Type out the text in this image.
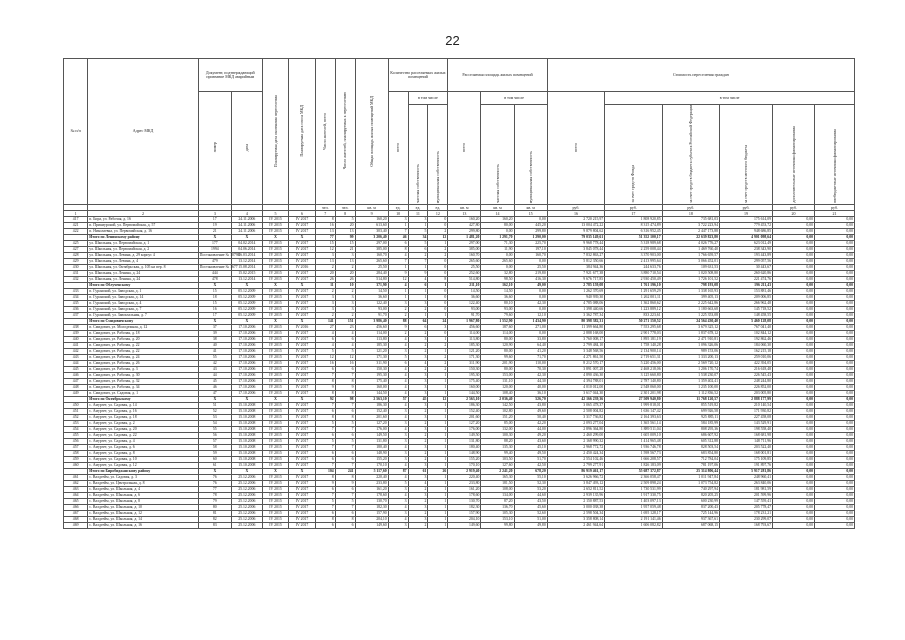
22
№ п/п	Адрес МКД	Документ, подтверждающий признание МКД аварийным		Планируемая дата окончания переселения	Планируемая дата сноса МКД	Число жителей, всего	Число жителей, планируемых к переселению	Общая площадь жилых помещений МКД	Количество расселяемых жилых помещений			Расселяемая площадь жилых помещений			Стоимость переселения граждан					
		номер	дата						всего	в том числе		всего	в том числе		всего	в том числе				
										частная собственность	муниципальная собственность		частная собственность	муниципальная собственность		за счет средств Фонда	за счет средств бюджета субъекта Российской Федерации	за счет средств местного бюджета	дополнительные источники финансирования	внебюджетные источники финансирования
						чел.	чел.	кв. м	ед.	ед.	ед.	кв. м	кв. м	кв. м	руб.	руб.	руб.	руб.	руб.	руб.
1	2	3	4	5	6	7	8	9	10	11	12	13	14	15	16	17	18	19	20	21
417	п. Бира, ул. Рабочая, д. 16	17	24.11.2006	IV 2015	IV 2017	8	5	160,20	3	3	0	160,20	160,20	0,00	2 720 215,97	1 808 920,85	735 681,03	175 614,09	0,00	0,00
421	п. Приамурский, ул. Первомайская, д. 57	19	24.11.2006	IV 2015	IV 2017	16	20	613,60	1	1	0	427,80	80,00	445,20	13 004 472,22	8 315 474,89	3 722 223,94	779 453,72	0,00	0,00
422	п. Николаевка, ул. Первомайская, д. 16	21	24.11.2006	IV 2015	IV 2017	13	13	303,40	7	5	2	299,80	0,00	299,80	9 879 804,62	6 316 952,45	2 447 173,88	948 686,85	0,00	0,00
	Итого по Ленинскому району	X	X	X	X	77	99	3 206,40	46	34	12	1 481,20	1 291,70	1 290,00	79 035 149,61	51 352 100,17	22 639 823,80	4 901 098,64	0,00	0,00
425	ул. Школьная, ул. Первомайская, д. 1	177	04.02.2014	IV 2015	IV 2017	15	15	297,00	6	5	1	297,00	71,30	225,70	9 968 778,44	5 318 989,68	4 026 776,27	623 012,49	0,00	0,00
427	ул. Школьная, ул. Первомайская, д. 2	1994	04.06.2014	IV 2015	IV 2017	12	21	385,00	8	6	2	385,00	11,90	197,10	3 845 078,44	2 259 008,44	1 469 760,40	238 343,90	0,00	0,00
428	ул. Школьная, ул. Левина, д. 29 корпус 4	Постановление № 10798	26.03.2014	IV 2015	IV 2017	3	3	160,70	4	2	2	160,70	0,00	160,70	7 832 863,27	3 370 903,00	1 766 659,57	193 443,89	0,00	0,00
429	ул. Школьная, ул. Левина, д. 4	479	13.12.2014	IV 2015	IV 2017	13	13	265,60	7	7	0	265,60	265,60	0,00	5 812 350,66	2 413 995,64	3 066 452,01	299 057,56	0,00	0,00
430	ул. Школьная, ул. Октябрьская, д. 105 на пер. 8	Постановление № 1677	15.08.2014	IV 2015	IV 2016	2	2	25,50	1	1	0	25,50	0,00	25,50	384 944,36	244 633,76	109 631,53	30 443,67	0,00	0,00
431	ул. Школьная, ул. Ленина, д. 24	444	15.02.2015	IV 2015	IV 2017	20	20	284,40	9	9	0	252,60	32,80	219,80	7 921 677,38	3 880 710,54	1 020 508,80	260 620,86	0,00	0,00
432	ул. Школьная, ул. Ленина, д. 24	478	13.12.2014	IV 2015	IV 2017	26	26	514,80	12	4	8	514,80	98,50	416,30	9 676 717,85	2 930 450,49	1 726 101,52	221 474,76	0,00	0,00
	Итого по Облученскому	X	X	X	X	11	10	371,90	4	6	1	211,10	162,10	49,00	2 785 159,08	1 761 196,10	798 193,08	196 211,43	0,00	0,00
433	п. Гуранский, ул. Заводская, д. 1	15	05.12.2009	IV 2015	IV 2017	2	2	14,50	1	1	0	14,50	14,50	0,00	1 262 370,69	1 291 659,29	1 338 165,93	153 881,46	0,00	0,00
434	п. Гуранский, ул. Заводская, д. 14	18	05.12.2009	IV 2015	IV 2017	3	3	36,60	1	1	0	36,60	36,60	0,00	940 939,30	1 262 001,11	399 405,13	209 006,85	0,00	0,00
435	п. Гуранский, ул. Заводская, д. 4	15	05.12.2009	IV 2015	IV 2017	3	3	122,40	3	3	0	122,40	80,10	42,30	4 785 088,06	1 362 860,62	2 225 642,86	266 962,48	0,00	0,00
436	п. Гуранский, ул. Заводская, д. 7	16	05.12.2009	IV 2015	IV 2017	3	3	93,00	2	2	0	93,00	93,00	0,00	1 398 440,66	1 223 889,12	1 180 663,68	145 718,52	0,00	0,00
437	п. Гуранский, ул. Завокзальная, д. 7	17	05.12.2009	IV 2015	IV 2017	2	2	91,70	2	1	1	91,70	79,60	12,10	3 362 787,34	833 223,61	1 225 353,08	148 458,55	0,00	0,00
	Итого по Смидовичскому	X	X	X	X	141	151	3 986,40	88	64	24	1 967,80	1 552,90	1 434,90	80 398 382,31	50 271 150,52	24 564 430,40	5 460 128,08	0,00	0,00
438	п. Смидович, ул. Молодежная, д. 12	37	17.10.2006	IV 2015	IV 2016	27	23	456,60	9	6	3	456,60	187,60	271,00	11 399 664,80	7 553 295,68	3 679 325,12	767 041,40	0,00	0,00
439	п. Смидович, ул. Рабочая, д. 18	39	17.10.2006	IV 2015	IV 2017	4	4	114,00	2	2	0	114,00	114,00	0,00	2 888 168,00	2 901 778,03	1 837 678,12	102 844,12	0,00	0,00
440	п. Смидович, ул. Рабочая, д. 20	38	17.10.2006	IV 2015	IV 2017	6	6	113,80	4	3	1	113,80	80,00	33,80	3 760 008,17	1 895 181,19	2 471 910,81	192 862,46	0,00	0,00
441	п. Смидович, ул. Рабочая, д. 22	40	17.10.2006	IV 2015	IV 2017	4	4	185,30	4	2	2	185,30	120,90	64,40	2 799 484,10	1 758 140,28	1 096 326,06	184 060,30	0,00	0,00
442	п. Смидович, ул. Рабочая, д. 22	41	17.10.2006	IV 2015	IV 2017	5	5	121,20	3	2	1	121,20	80,00	41,20	3 348 568,56	2 134 900,14	989 153,06	162 215,18	0,00	0,00
443	п. Смидович, ул. Рабочая, д. 24	55	17.10.2006	IV 2015	IV 2017	12	12	171,30	5	3	2	171,30	99,60	71,70	4 271 861,50	2 719 651,31	1 333 200,13	259 010,06	0,00	0,00
444	п. Смидович, ул. Рабочая, д. 26	42	17.10.2006	IV 2015	IV 2017	16	16	311,90	6	4	2	311,90	201,90	110,00	8 212 570,17	5 220 456,00	2 569 720,12	422 394,05	0,00	0,00
445	п. Смидович, ул. Рабочая, д. 3	43	17.10.2006	IV 2015	IV 2017	6	6	150,30	4	2	2	150,30	80,00	70,30	3 891 007,28	2 468 218,06	1 206 170,74	216 618,48	0,00	0,00
446	п. Смидович, ул. Рабочая, д. 30	44	17.10.2006	IV 2015	IV 2017	7	7	195,30	4	3	1	195,30	153,00	42,30	4 890 436,30	3 125 660,80	1 538 230,07	226 545,43	0,00	0,00
447	п. Смидович, ул. Рабочая, д. 32	45	17.10.2006	IV 2015	IV 2017	8	8	175,40	4	3	1	175,40	131,10	44,30	4 394 788,01	2 787 140,80	1 359 402,41	248 244,80	0,00	0,00
448	п. Смидович, ул. Рабочая, д. 34	46	17.10.2006	IV 2015	IV 2017	9	9	160,00	4	3	1	160,00	120,00	40,00	4 010 012,00	2 548 060,00	1 235 100,00	226 852,00	0,00	0,00
449	п. Смидович, ул. Садовая, д. 1	47	17.10.2006	IV 2015	IV 2017	8	8	144,50	4	3	1	144,50	108,40	36,10	3 617 044,30	2 301 201,98	1 112 836,52	203 005,80	0,00	0,00
	Итого по Октябрьскому	X	X	X	X	92	98	2 563,10	57	45	12	2 563,10	2 036,40	526,70	42 166 239,36	27 509 940,80	11 768 120,57	2 888 177,99	0,00	0,00
450	с. Амурзет, ул. Садовая, д. 14	51	15.10.2008	IV 2015	IV 2017	7	7	186,30	4	3	1	186,30	142,50	43,80	3 065 478,37	1 999 818,01	855 519,82	210 140,54	0,00	0,00
451	с. Амурзет, ул. Садовая, д. 16	52	15.10.2008	IV 2015	IV 2017	6	6	152,40	3	2	1	152,40	102,80	49,60	2 508 004,82	1 636 147,42	699 926,58	171 930,82	0,00	0,00
452	с. Амурзет, ул. Садовая, д. 18	53	15.10.2008	IV 2015	IV 2017	8	8	201,60	4	3	1	201,60	151,20	50,40	3 317 736,82	2 164 393,63	925 885,11	227 458,08	0,00	0,00
453	с. Амурзет, ул. Садовая, д. 2	54	15.10.2008	IV 2015	IV 2017	5	5	127,20	3	2	1	127,20	85,00	42,20	2 093 277,04	1 365 561,14	584 185,99	143 529,91	0,00	0,00
454	с. Амурзет, ул. Садовая, д. 20	55	15.10.2008	IV 2015	IV 2017	7	7	176,00	4	3	1	176,00	132,00	44,00	2 896 364,80	1 889 511,04	808 295,36	198 558,40	0,00	0,00
455	с. Амурзет, ул. Садовая, д. 22	56	15.10.2008	IV 2015	IV 2017	6	6	149,50	3	2	1	149,50	100,30	49,20	2 460 299,00	1 605 009,10	686 607,92	168 681,98	0,00	0,00
456	с. Амурзет, ул. Садовая, д. 4	57	15.10.2008	IV 2015	IV 2017	5	5	131,80	3	2	1	131,80	88,20	43,60	2 168 990,32	1 414 965,48	605 312,88	148 711,96	0,00	0,00
457	с. Амурзет, ул. Садовая, д. 6	58	15.10.2008	IV 2015	IV 2017	7	7	180,40	4	3	1	180,40	135,30	45,10	2 968 772,72	1 936 746,78	828 503,54	203 522,40	0,00	0,00
458	с. Амурзет, ул. Садовая, д. 8	59	15.10.2008	IV 2015	IV 2017	6	6	148,90	3	2	1	148,90	99,40	49,50	2 450 424,34	1 598 567,73	683 854,80	168 001,81	0,00	0,00
459	с. Амурзет, ул. Садовая, д. 10	60	15.10.2008	IV 2015	IV 2017	6	6	155,20	3	2	1	155,20	103,50	51,70	2 554 102,46	1 666 208,57	712 784,04	175 109,85	0,00	0,00
460	с. Амурзет, ул. Садовая, д. 12	61	15.10.2008	IV 2015	IV 2017	7	7	170,10	4	3	1	170,10	127,60	42,50	2 799 277,91	1 826 183,09	781 197,06	191 897,76	0,00	0,00
	Итого по Биробиджанскому району	X	X	X	X	104	241	5 117,60	87	61	26	2 919,40	2 241,20	678,20	86 919 461,17	55 687 372,87	25 314 806,44	5 917 281,86	0,00	0,00
461	с. Валдгейм, ул. Садовая, д. 3	76	25.12.2006	IV 2015	IV 2017	8	8	220,40	4	3	1	220,40	165,30	55,10	3 626 966,72	2 366 058,47	1 011 947,84	248 960,41	0,00	0,00
462	с. Валдгейм, ул. Центральная, д. 8	76	25.12.2006	IV 2015	IV 2017	9	9	233,80	5	4	1	233,80	181,50	52,30	3 847 493,12	2 509 898,24	1 073 754,82	263 840,06	0,00	0,00
463	с. Валдгейм, ул. Школьная, д. 4	77	25.12.2006	IV 2015	IV 2017	6	6	161,20	3	2	1	161,20	108,00	53,20	2 652 811,52	1 730 531,99	740 297,94	181 981,59	0,00	0,00
464	с. Валдгейм, ул. Школьная, д. 6	78	25.12.2006	IV 2015	IV 2017	7	7	178,60	4	3	1	178,60	134,00	44,60	2 939 135,96	1 917 330,75	820 205,25	201 599,96	0,00	0,00
465	с. Валдгейм, ул. Школьная, д. 8	79	25.12.2006	IV 2015	IV 2017	5	5	130,70	3	2	1	130,70	87,20	43,50	2 150 887,53	1 403 097,13	600 230,99	147 559,41	0,00	0,00
466	с. Валдгейм, ул. Школьная, д. 10	80	25.12.2006	IV 2015	IV 2017	7	7	182,30	4	3	1	182,30	136,70	45,60	3 000 038,38	1 957 059,48	837 200,43	205 778,47	0,00	0,00
467	с. Валдгейм, ул. Школьная, д. 12	81	25.12.2006	IV 2015	IV 2017	6	6	157,90	3	2	1	157,90	105,30	52,60	2 598 504,34	1 695 128,17	725 144,96	178 231,21	0,00	0,00
468	с. Валдгейм, ул. Школьная, д. 14	82	25.12.2006	IV 2015	IV 2017	8	8	204,10	4	3	1	204,10	153,10	51,00	3 358 808,14	2 191 141,46	937 367,61	230 299,07	0,00	0,00
469	с. Валдгейм, ул. Школьная, д. 16	83	25.12.2006	IV 2015	IV 2017	6	6	149,60	3	2	1	149,60	99,80	49,80	2 461 944,64	1 606 082,82	687 068,15	168 793,67	0,00	0,00
